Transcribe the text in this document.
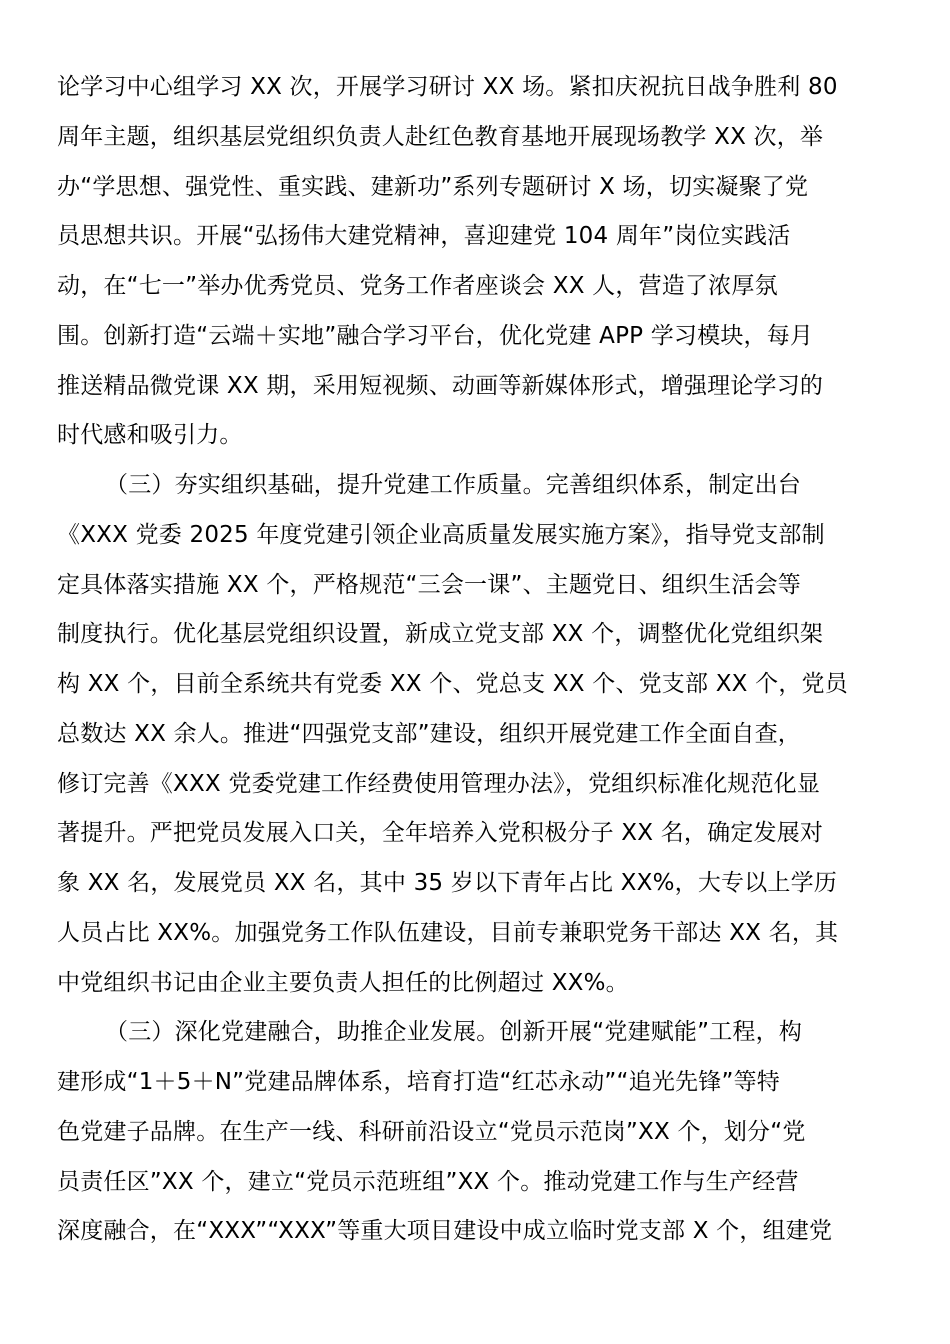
论学习中心组学习 XX 次，开展学习研讨 XX 场。紧扣庆祝抗日战争胜利 80
周年主题，组织基层党组织负责人赴红色教育基地开展现场教学 XX 次，举
办“学思想、强党性、重实践、建新功”系列专题研讨 X 场，切实凝聚了党
员思想共识。开展“弘扬伟大建党精神，喜迎建党 104 周年”岗位实践活
动，在“七一”举办优秀党员、党务工作者座谈会 XX 人，营造了浓厚氛
围。创新打造“云端＋实地”融合学习平台，优化党建 APP 学习模块，每月
推送精品微党课 XX 期，采用短视频、动画等新媒体形式，增强理论学习的
时代感和吸引力。
（三）夯实组织基础，提升党建工作质量。完善组织体系，制定出台
《XXX 党委 2025 年度党建引领企业高质量发展实施方案》，指导党支部制
定具体落实措施 XX 个，严格规范“三会一课”、主题党日、组织生活会等
制度执行。优化基层党组织设置，新成立党支部 XX 个，调整优化党组织架
构 XX 个，目前全系统共有党委 XX 个、党总支 XX 个、党支部 XX 个，党员
总数达 XX 余人。推进“四强党支部”建设，组织开展党建工作全面自查，
修订完善《XXX 党委党建工作经费使用管理办法》，党组织标准化规范化显
著提升。严把党员发展入口关，全年培养入党积极分子 XX 名，确定发展对
象 XX 名，发展党员 XX 名，其中 35 岁以下青年占比 XX%，大专以上学历
人员占比 XX%。加强党务工作队伍建设，目前专兼职党务干部达 XX 名，其
中党组织书记由企业主要负责人担任的比例超过 XX%。
（三）深化党建融合，助推企业发展。创新开展“党建赋能”工程，构
建形成“1＋5＋N”党建品牌体系，培育打造“红芯永动”“追光先锋”等特
色党建子品牌。在生产一线、科研前沿设立“党员示范岗”XX 个，划分“党
员责任区”XX 个，建立“党员示范班组”XX 个。推动党建工作与生产经营
深度融合，在“XXX”“XXX”等重大项目建设中成立临时党支部 X 个，组建党
